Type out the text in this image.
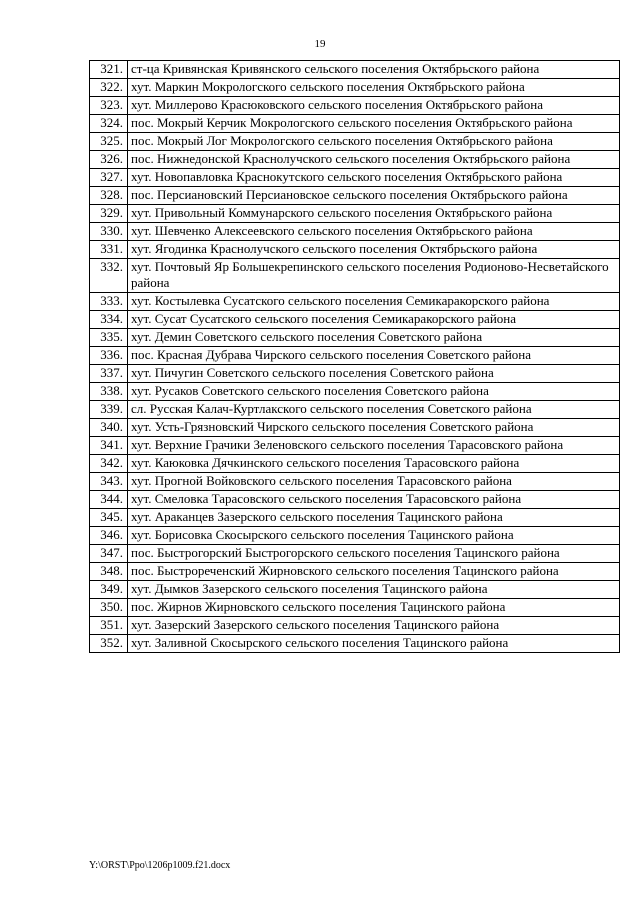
19
321.	ст-ца Кривянская Кривянского сельского поселения Октябрьского района
322.	хут. Маркин Мокрологского сельского поселения Октябрьского района
323.	хут. Миллерово Красюковского сельского поселения Октябрьского района
324.	пос. Мокрый Керчик Мокрологского сельского поселения Октябрьского района
325.	пос. Мокрый Лог Мокрологского сельского поселения Октябрьского района
326.	пос. Нижнедонской Краснолучского сельского поселения Октябрьского района
327.	хут. Новопавловка Краснокутского сельского поселения Октябрьского района
328.	пос. Персиановский Персиановское сельского поселения Октябрьского района
329.	хут. Привольный Коммунарского сельского поселения Октябрьского района
330.	хут. Шевченко Алексеевского сельского поселения Октябрьского района
331.	хут. Ягодинка Краснолучского сельского поселения Октябрьского района
332.	хут. Почтовый Яр Большекрепинского сельского поселения Родионово-Несветайского района
333.	хут. Костылевка Сусатского сельского поселения Семикаракорского района
334.	хут. Сусат Сусатского сельского поселения Семикаракорского района
335.	хут. Демин Советского сельского поселения Советского района
336.	пос. Красная Дубрава Чирского сельского поселения Советского района
337.	хут. Пичугин Советского сельского поселения Советского района
338.	хут. Русаков Советского сельского поселения Советского района
339.	сл. Русская Калач-Куртлакского сельского поселения Советского района
340.	хут. Усть-Грязновский Чирского сельского поселения Советского района
341.	хут. Верхние Грачики Зеленовского сельского поселения Тарасовского района
342.	хут. Каюковка Дячкинского сельского поселения Тарасовского района
343.	хут. Прогной Войковского сельского поселения Тарасовского района
344.	хут. Смеловка Тарасовского сельского поселения Тарасовского района
345.	хут. Араканцев Зазерского сельского поселения Тацинского района
346.	хут. Борисовка Скосырского сельского поселения Тацинского района
347.	пос. Быстрогорский Быстрогорского сельского поселения Тацинского района
348.	пос. Быстрореченский Жирновского сельского поселения Тацинского района
349.	хут. Дымков Зазерского сельского поселения Тацинского района
350.	пос. Жирнов Жирновского сельского поселения Тацинского района
351.	хут. Зазерский Зазерского сельского поселения Тацинского района
352.	хут. Заливной Скосырского сельского поселения Тацинского района
Y:\ORST\Ppo\1206p1009.f21.docx
